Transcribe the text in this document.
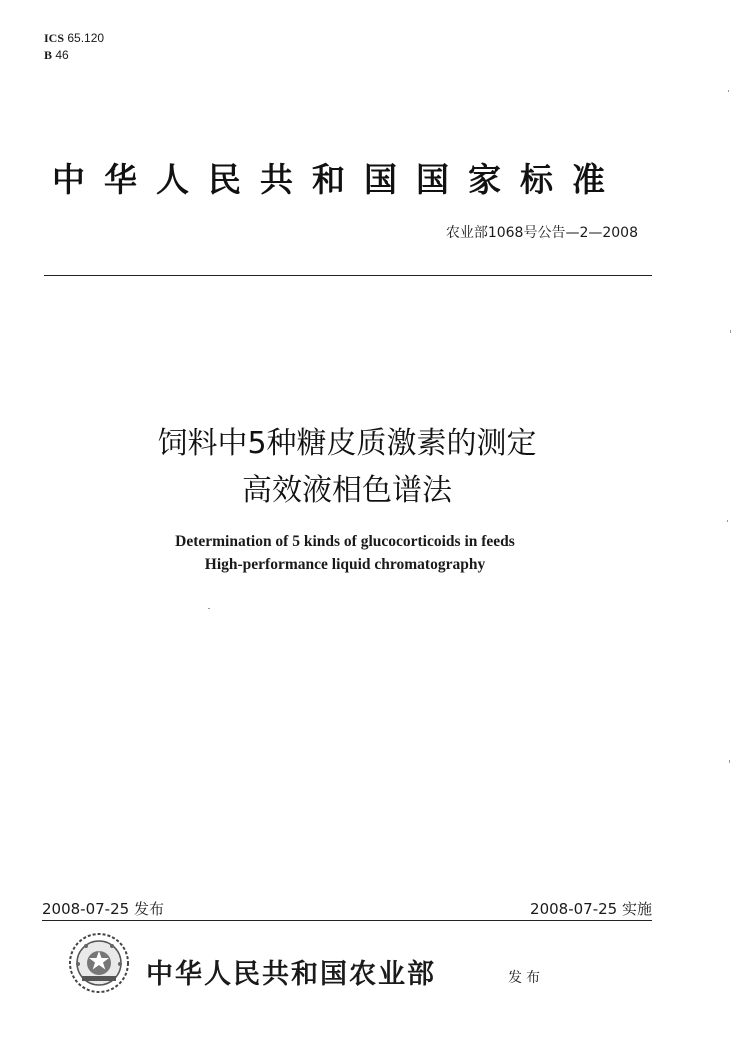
ICS 65.120
B 46
中华人民共和国国家标准
农业部1068号公告—2—2008
饲料中5种糖皮质激素的测定
高效液相色谱法
Determination of 5 kinds of glucocorticoids in feeds
High-performance liquid chromatography
2008-07-25 发布	2008-07-25 实施
中华人民共和国农业部	发布
